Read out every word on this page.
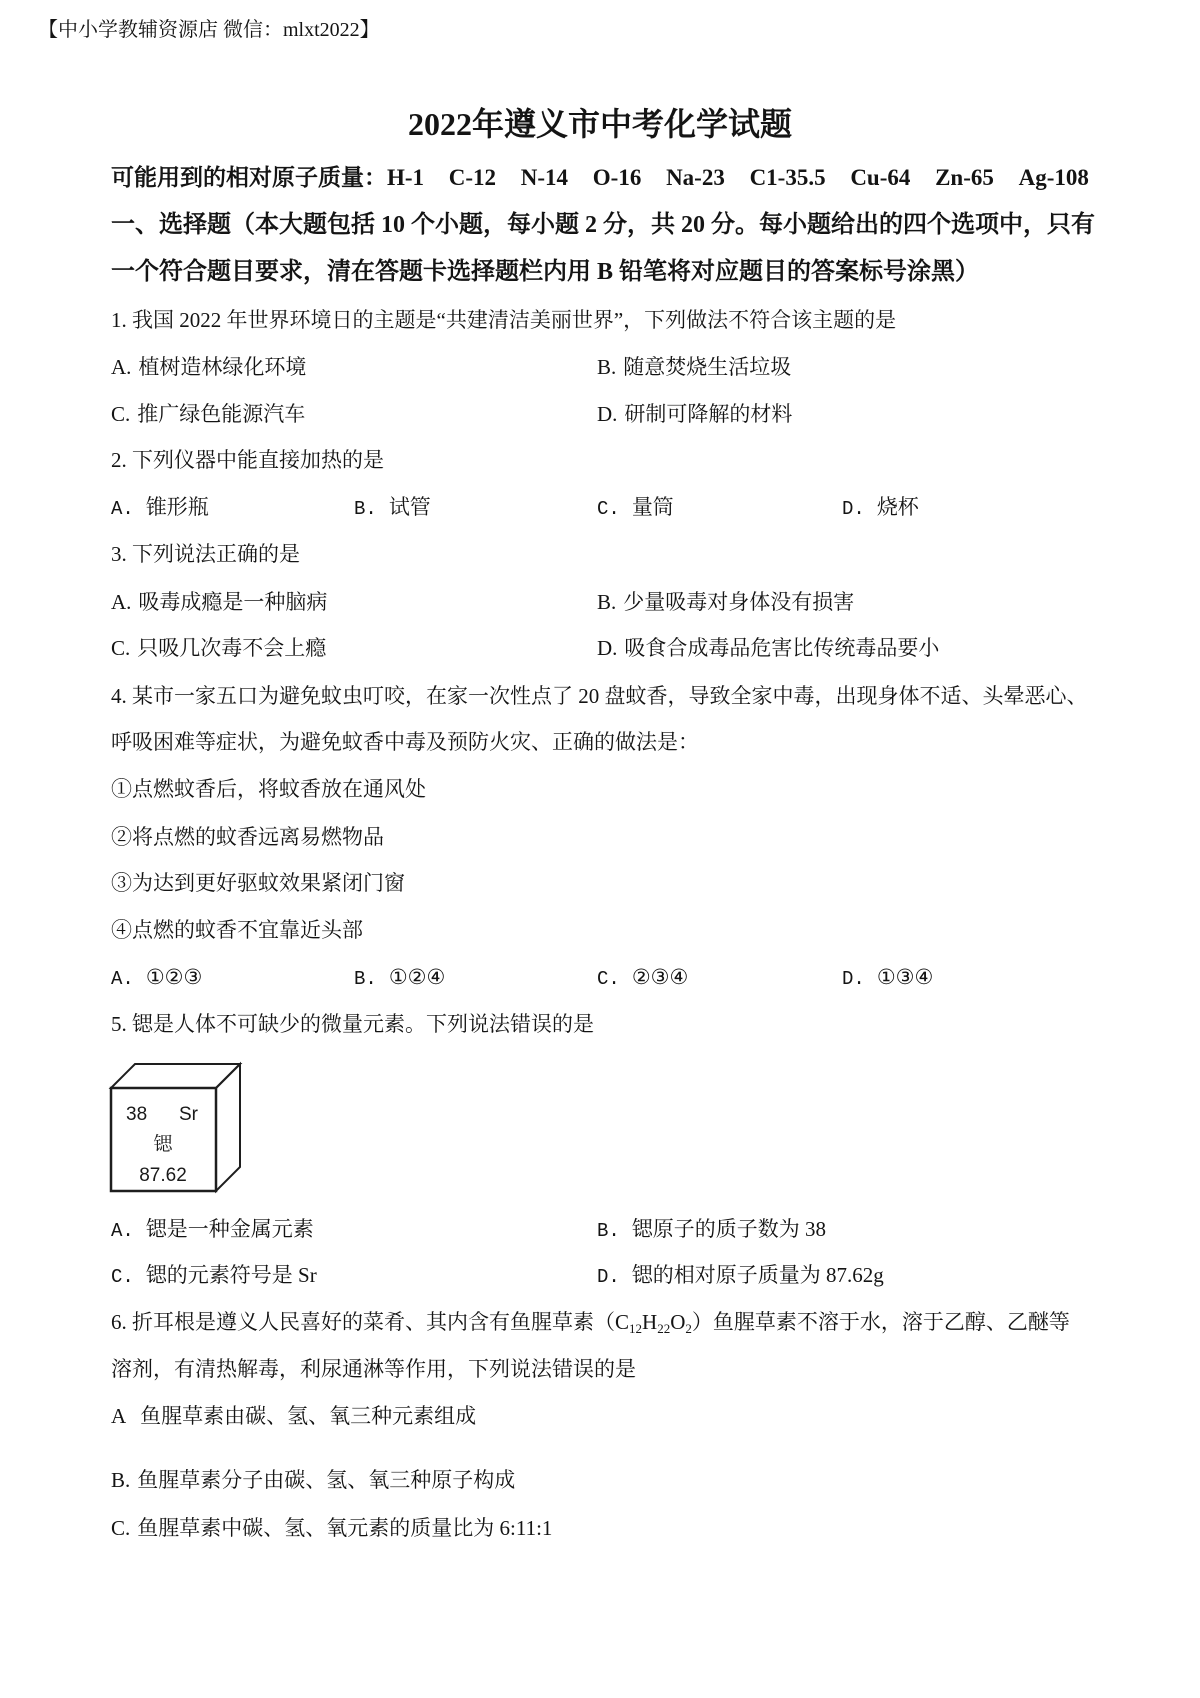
【中小学教辅资源店 微信：mlxt2022】
2022年遵义市中考化学试题
可能用到的相对原子质量：H-1 C-12 N-14 O-16 Na-23 C1-35.5 Cu-64 Zn-65 Ag-108
一、选择题（本大题包括 10 个小题，每小题 2 分，共 20 分。每小题给出的四个选项中，只有
一个符合题目要求，清在答题卡选择题栏内用 B 铅笔将对应题目的答案标号涂黑）
1. 我国 2022 年世界环境日的主题是“共建清洁美丽世界”，下列做法不符合该主题的是
A. 植树造林绿化环境	B. 随意焚烧生活垃圾
C. 推广绿色能源汽车	D. 研制可降解的材料
2. 下列仪器中能直接加热的是
A. 锥形瓶	B. 试管	C. 量筒	D. 烧杯
3. 下列说法正确的是
A. 吸毒成瘾是一种脑病	B. 少量吸毒对身体没有损害
C. 只吸几次毒不会上瘾	D. 吸食合成毒品危害比传统毒品要小
4. 某市一家五口为避免蚊虫叮咬，在家一次性点了 20 盘蚊香，导致全家中毒，出现身体不适、头晕恶心、
呼吸困难等症状，为避免蚊香中毒及预防火灾、正确的做法是：
①点燃蚊香后，将蚊香放在通风处
②将点燃的蚊香远离易燃物品
③为达到更好驱蚊效果紧闭门窗
④点燃的蚊香不宜靠近头部
A. ①②③	B. ①②④	C. ②③④	D. ①③④
5. 锶是人体不可缺少的微量元素。下列说法错误的是
38 Sr
锶
87.62
A. 锶是一种金属元素	B. 锶原子的质子数为 38
C. 锶的元素符号是 Sr	D. 锶的相对原子质量为 87.62g
6. 折耳根是遵义人民喜好的菜肴、其内含有鱼腥草素$(C_{12}H_{22}O_2)$鱼腥草素不溶于水，溶于乙醇、乙醚等
溶剂，有清热解毒，利尿通淋等作用，下列说法错误的是
A 鱼腥草素由碳、氢、氧三种元素组成
B. 鱼腥草素分子由碳、氢、氧三种原子构成
C. 鱼腥草素中碳、氢、氧元素的质量比为 6:11:1
